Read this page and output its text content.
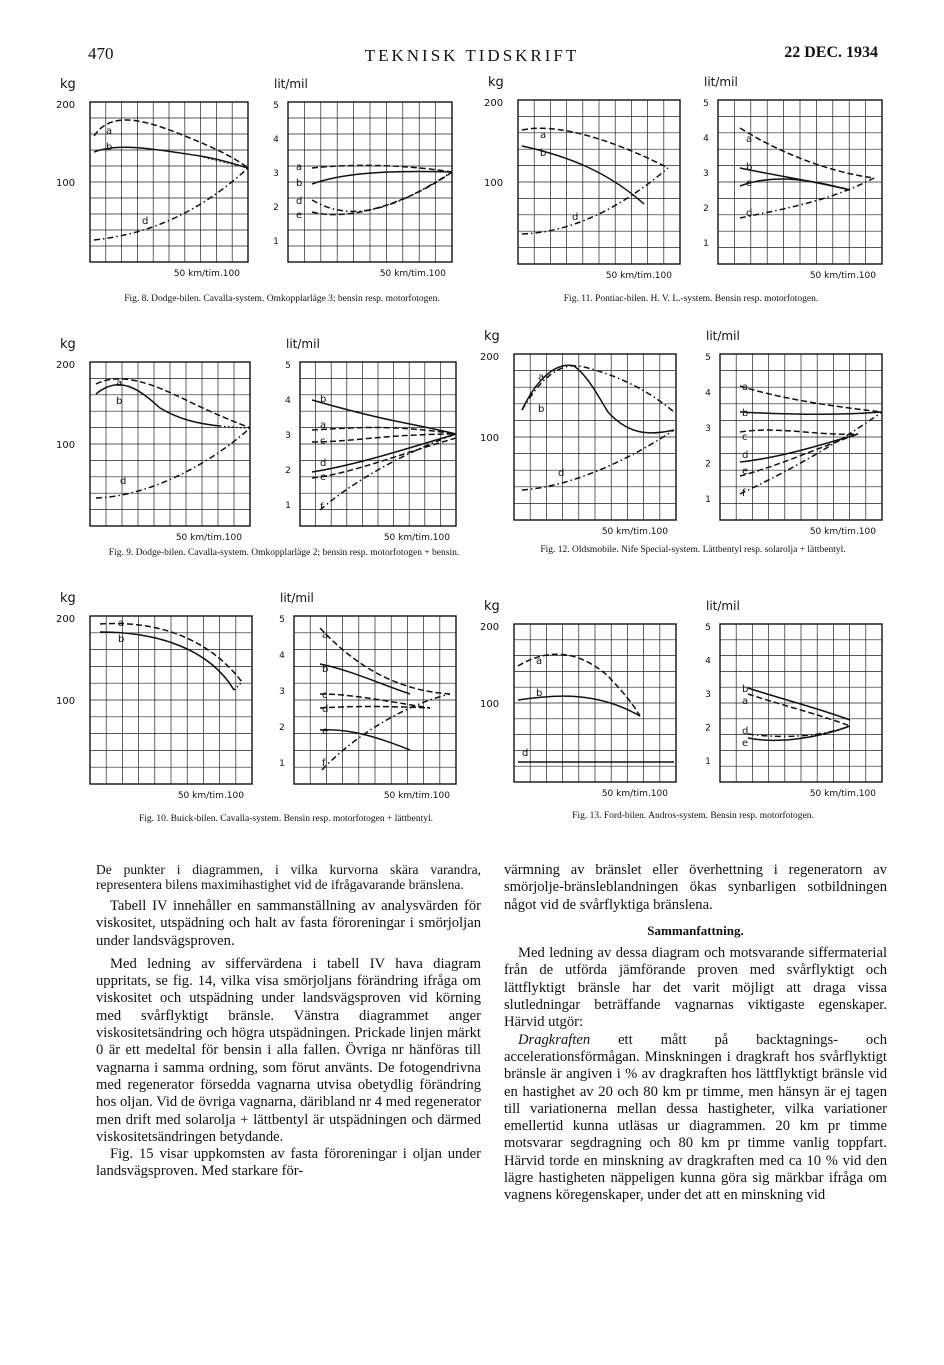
470	TEKNISK TIDSKRIFT	22 DEC. 1934
kg
200
100
50 km/tim.100
lit/mil
5
4
3
2
1
50 km/tim.100
a
b
d
a
b
d
e
kg
200
100
50 km/tim.100
lit/mil
5
4
3
2
1
50 km/tim.100
a
b
d
a
b
e
d
kg
200
100
50 km/tim.100
lit/mil
5
4
3
2
1
50 km/tim.100
a
b
d
b
a
c
d
e
f
kg
200
100
50 km/tim.100
lit/mil
5
4
3
2
1
50 km/tim.100
a
b
d
a
b
c
d
e
f
kg
200
100
50 km/tim.100
lit/mil
5
4
3
2
1
50 km/tim.100
a
b	a
b
c
d
e
f
kg
200
100
50 km/tim.100
lit/mil
5
4
3
2
1
50 km/tim.100
a
b
d
b
a
d
e
Fig. 8. Dodge-bilen. Cavalla-system. Omkopplarläge 3; bensin resp. motorfotogen.	Fig. 11. Pontiac-bilen. H. V. L.-system. Bensin resp. motorfotogen.
Fig. 9. Dodge-bilen. Cavalla-system. Omkopplarläge 2; bensin resp. motorfotogen + bensin.	Fig. 12. Oldsmobile. Nife Special-system. Lättbentyl resp. solarolja + lättbentyl.
Fig. 10. Buick-bilen. Cavalla-system. Bensin resp. motorfotogen + lättbentyl.	Fig. 13. Ford-bilen. Andros-system. Bensin resp. motorfotogen.

De punkter i diagrammen, i vilka kurvorna skära varandra, representera bilens maximihastighet vid de ifrågavarande bränslena.

Tabell IV innehåller en sammanställning av analysvärden för viskositet, utspädning och halt av fasta föroreningar i smörjoljan under landsvägsproven.

Med ledning av siffervärdena i tabell IV hava diagram uppritats, se fig. 14, vilka visa smörjoljans förändring ifråga om viskositet och utspädning under landsvägsproven vid körning med svårflyktigt bränsle. Vänstra diagrammet anger viskositetsändring och högra utspädningen. Prickade linjen märkt 0 är ett medeltal för bensin i alla fallen. Övriga nr hänföras till vagnarna i samma ordning, som förut använts. De fotogendrivna med regenerator försedda vagnarna utvisa obetydlig förändring hos oljan. Vid de övriga vagnarna, däribland nr 4 med regenerator men drift med solarolja + lättbentyl är utspädningen och därmed viskositetsändringen betydande.

Fig. 15 visar uppkomsten av fasta föroreningar i oljan under landsvägsproven. Med starkare för-

värmning av bränslet eller överhettning i regeneratorn av smörjolje-bränsleblandningen ökas synbarligen sotbildningen något vid de svårflyktiga bränslena.

Sammanfattning.

Med ledning av dessa diagram och motsvarande siffermaterial från de utförda jämförande proven med svårflyktigt och lättflyktigt bränsle har det varit möjligt att draga vissa slutledningar beträffande vagnarnas viktigaste egenskaper. Härvid utgör:

Dragkraften ett mått på backtagnings- och accelerationsförmågan. Minskningen i dragkraft hos svårflyktigt bränsle är angiven i % av dragkraften hos lättflyktigt bränsle vid en hastighet av 20 och 80 km pr timme, men hänsyn är ej tagen till variationerna mellan dessa hastigheter, vilka variationer emellertid kunna utläsas ur diagrammen. 20 km pr timme motsvarar segdragning och 80 km pr timme vanlig toppfart. Härvid torde en minskning av dragkraften med ca 10 % vid den lägre hastigheten näppeligen kunna göra sig märkbar ifråga om vagnens köregenskaper, under det att en minskning vid
